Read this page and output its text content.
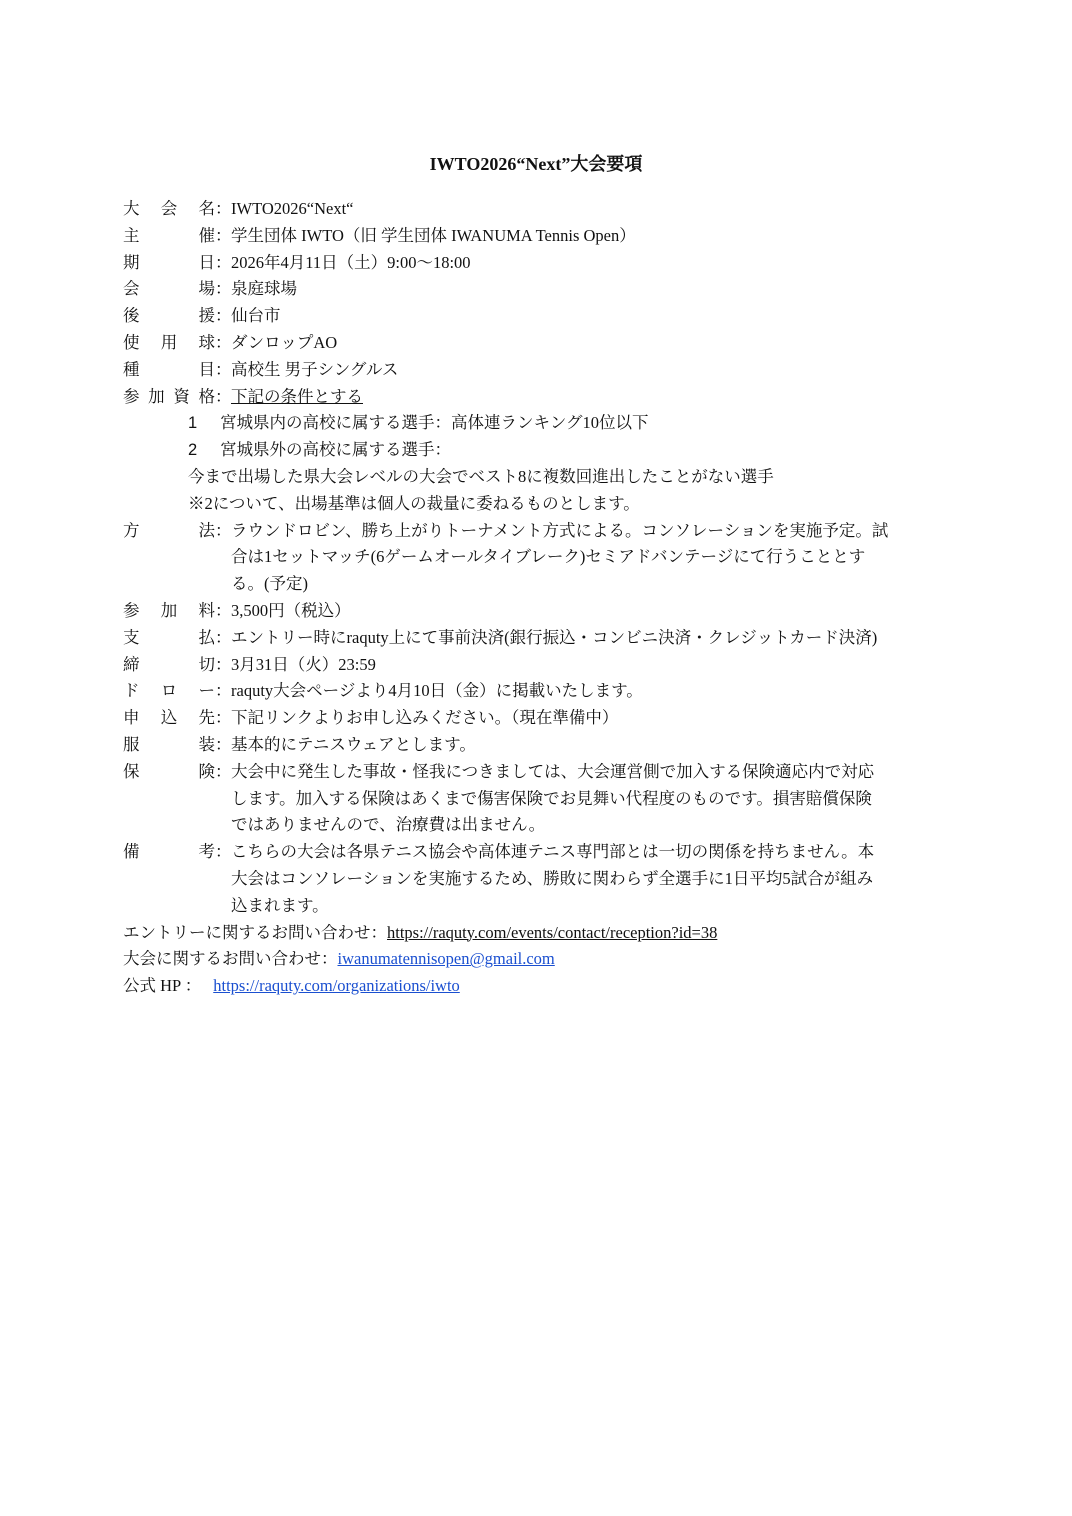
IWTO2026“Next”大会要項
大会名 ： IWTO2026“Next“
主催 ： 学生団体 IWTO（旧 学生団体 IWANUMA Tennis Open）
期日 ： 2026年4月11日（土）9:00～18:00
会場 ： 泉庭球場
後援 ： 仙台市
使用球 ： ダンロップAO
種目 ： 高校生 男子シングルス
参加資格 ： 下記の条件とする
1 宮城県内の高校に属する選手：高体連ランキング10位以下
2 宮城県外の高校に属する選手：
今まで出場した県大会レベルの大会でベスト8に複数回進出したことがない選手
※2について、出場基準は個人の裁量に委ねるものとします。
方法 ： ラウンドロビン、勝ち上がりトーナメント方式による。コンソレーションを実施予定。試
合は1セットマッチ(6ゲームオールタイブレーク)セミアドバンテージにて行うこととす
る。(予定)
参加料 ： 3,500円（税込）
支払 ： エントリー時にraquty上にて事前決済(銀行振込・コンビニ決済・クレジットカード決済)
締切 ： 3月31日（火）23:59
ドロー ： raquty大会ページより4月10日（金）に掲載いたします。
申込先 ： 下記リンクよりお申し込みください。（現在準備中）
服装 ： 基本的にテニスウェアとします。
保険 ： 大会中に発生した事故・怪我につきましては、大会運営側で加入する保険適応内で対応
します。加入する保険はあくまで傷害保険でお見舞い代程度のものです。損害賠償保険
ではありませんので、治療費は出ません。
備考 ： こちらの大会は各県テニス協会や高体連テニス専門部とは一切の関係を持ちません。本
大会はコンソレーションを実施するため、勝敗に関わらず全選手に1日平均5試合が組み
込まれます。
エントリーに関するお問い合わせ：https://raquty.com/events/contact/reception?id=38
大会に関するお問い合わせ：iwanumatennisopen@gmail.com
公式 HP ： https://raquty.com/organizations/iwto
